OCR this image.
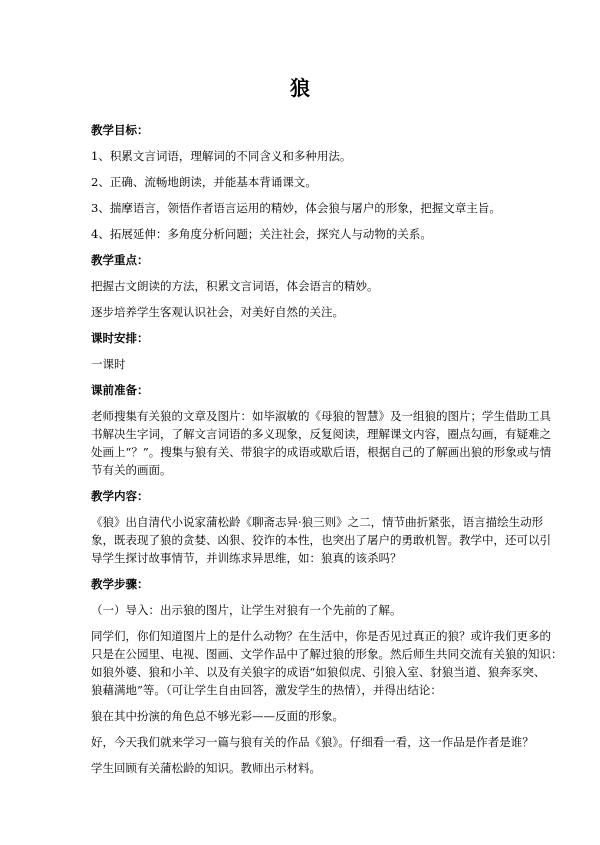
狼
教学目标：
1、积累文言词语，理解词的不同含义和多种用法。
2、正确、流畅地朗读，并能基本背诵课文。
3、揣摩语言，领悟作者语言运用的精妙，体会狼与屠户的形象，把握文章主旨。
4、拓展延伸：多角度分析问题；关注社会，探究人与动物的关系。
教学重点：
把握古文朗读的方法，积累文言词语，体会语言的精妙。
逐步培养学生客观认识社会，对美好自然的关注。
课时安排：
一课时
课前准备：
老师搜集有关狼的文章及图片：如毕淑敏的《母狼的智慧》及一组狼的图片；学生借助工具
书解决生字词，了解文言词语的多义现象，反复阅读，理解课文内容，圈点勾画，有疑难之
处画上“？”。搜集与狼有关、带狼字的成语或歇后语，根据自己的了解画出狼的形象或与情
节有关的画面。
教学内容：
《狼》出自清代小说家蒲松龄《聊斋志异·狼三则》之二，情节曲折紧张，语言描绘生动形
象，既表现了狼的贪婪、凶狠、狡诈的本性，也突出了屠户的勇敢机智。教学中，还可以引
导学生探讨故事情节，并训练求异思维，如：狼真的该杀吗？
教学步骤：
（一）导入：出示狼的图片，让学生对狼有一个先前的了解。
同学们，你们知道图片上的是什么动物？在生活中，你是否见过真正的狼？或许我们更多的
只是在公园里、电视、图画、文学作品中了解过狼的形象。然后师生共同交流有关狼的知识：
如狼外婆、狼和小羊、以及有关狼字的成语“如狼似虎、引狼入室、豺狼当道、狼奔豕突、
狼藉满地”等。（可让学生自由回答，激发学生的热情），并得出结论：
狼在其中扮演的角色总不够光彩——反面的形象。
好，今天我们就来学习一篇与狼有关的作品《狼》。仔细看一看，这一作品是作者是谁？
学生回顾有关蒲松龄的知识。教师出示材料。
